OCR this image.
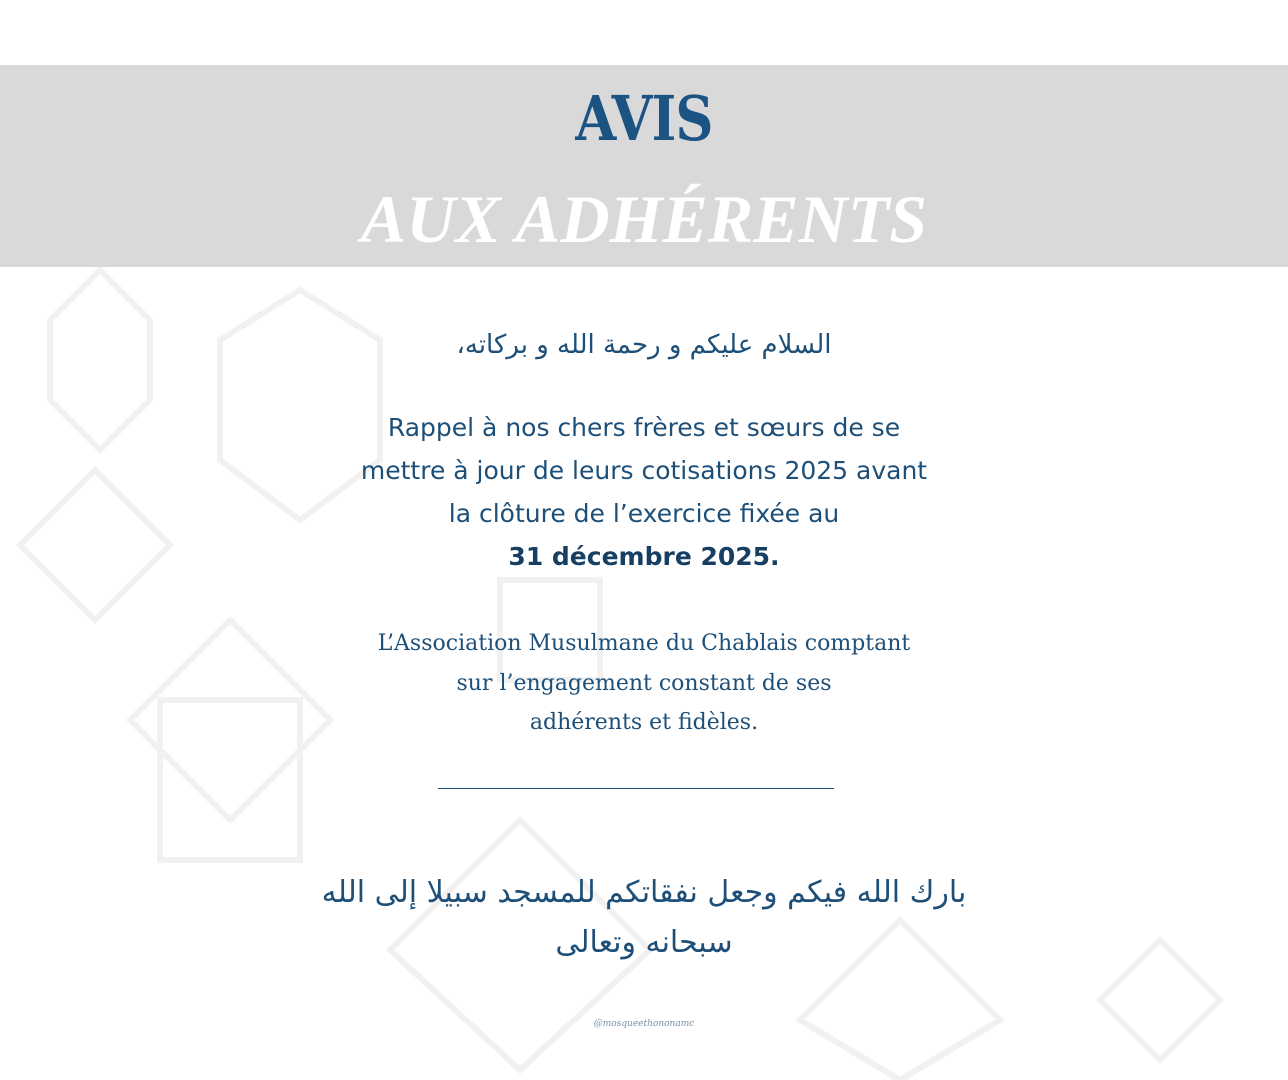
AVIS
AUX ADHÉRENTS
السلام عليكم و رحمة الله و بركاته،
Rappel à nos chers frères et sœurs de se
mettre à jour de leurs cotisations 2025 avant
la clôture de l’exercice fixée au
31 décembre 2025.
L’Association Musulmane du Chablais comptant
sur l’engagement constant de ses
adhérents et fidèles.
بارك الله فيكم وجعل نفقاتكم للمسجد سبيلا إلى الله
سبحانه وتعالى
@mosqueethononamc
